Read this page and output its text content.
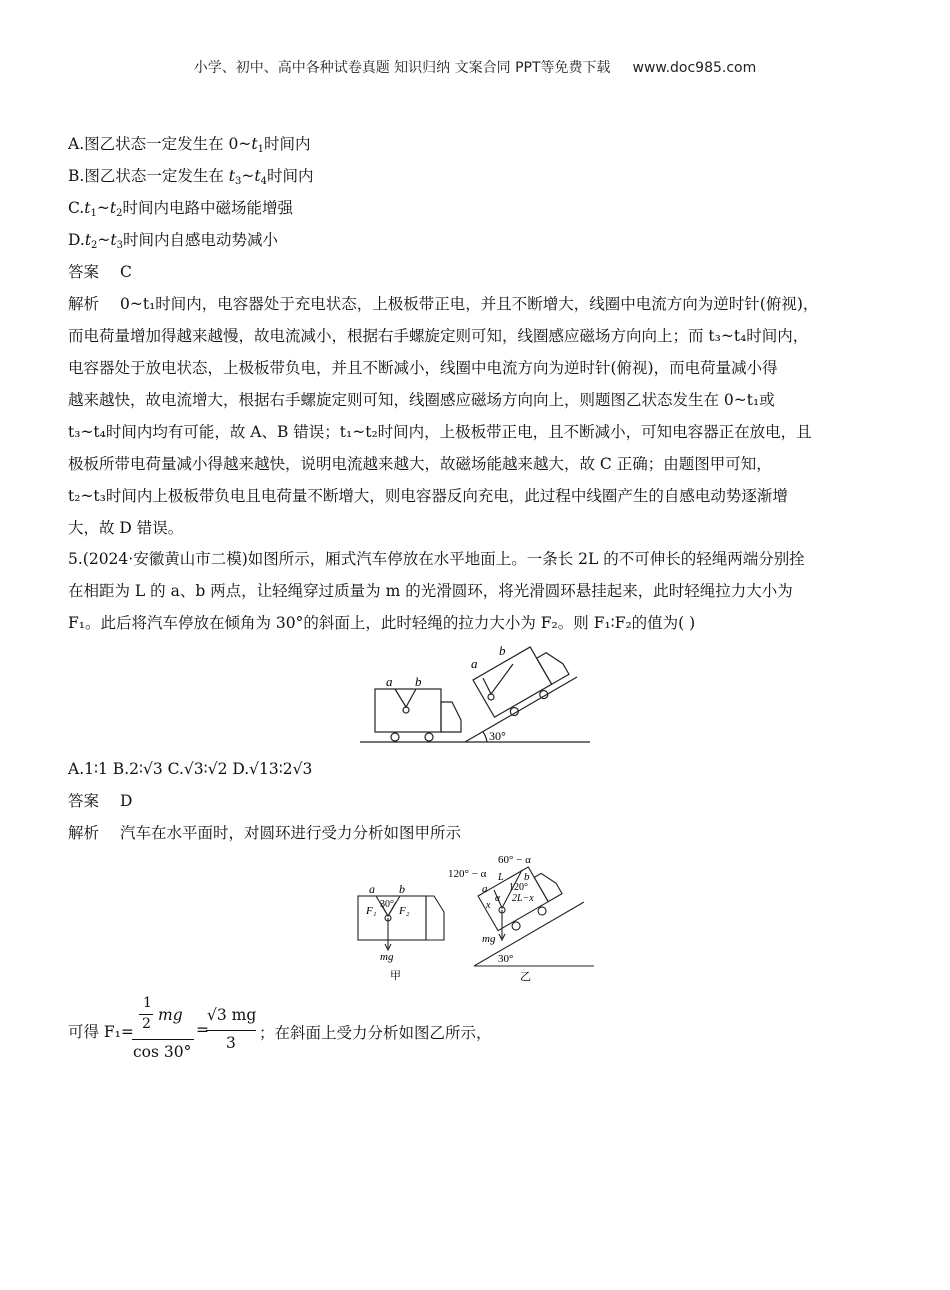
小学、初中、高中各种试卷真题 知识归纳 文案合同 PPT等免费下载 www.doc985.com
A.图乙状态一定发生在 $0\sim t_1$时间内
B.图乙状态一定发生在 $t_3\sim t_4$时间内
$C.t_1\sim t_2$时间内电路中磁场能增强
$D.t_2\sim t_3$时间内自感电动势减小
答案 C
解析 0~t₁时间内，电容器处于充电状态，上极板带正电，并且不断增大，线圈中电流方向为逆时针(俯视)，
而电荷量增加得越来越慢，故电流减小，根据右手螺旋定则可知，线圈感应磁场方向向上；而 t₃~t₄时间内，
电容器处于放电状态，上极板带负电，并且不断减小，线圈中电流方向为逆时针(俯视)，而电荷量减小得
越来越快，故电流增大，根据右手螺旋定则可知，线圈感应磁场方向向上，则题图乙状态发生在 0~t₁或
t₃~t₄时间内均有可能，故 A、B 错误；t₁~t₂时间内，上极板带正电，且不断减小，可知电容器正在放电，且
极板所带电荷量减小得越来越快，说明电流越来越大，故磁场能越来越大，故 C 正确；由题图甲可知，
t₂~t₃时间内上极板带负电且电荷量不断增大，则电容器反向充电，此过程中线圈产生的自感电动势逐渐增
大，故 D 错误。
5.(2024·安徽黄山市二模)如图所示，厢式汽车停放在水平地面上。一条长 2L 的不可伸长的轻绳两端分别拴
在相距为 L 的 a、b 两点，让轻绳穿过质量为 m 的光滑圆环，将光滑圆环悬挂起来，此时轻绳拉力大小为
F₁。此后将汽车停放在倾角为 30°的斜面上，此时轻绳的拉力大小为 F₂。则 F₁∶F₂的值为( )
a b
a
b
30°
A.1∶1 B.2∶√3 C.√3∶√2 D.√13∶2√3
答案 D
解析 汽车在水平面时，对圆环进行受力分析如图甲所示
a b
30°
F₁ F₂
mg
甲
120° − α
60° − α
a
b
L
120°
2L−x
x
α
mg
30°
乙
可得 F₁=
1
2 mg
cos 30°
=
√3 mg
3
；在斜面上受力分析如图乙所示，
